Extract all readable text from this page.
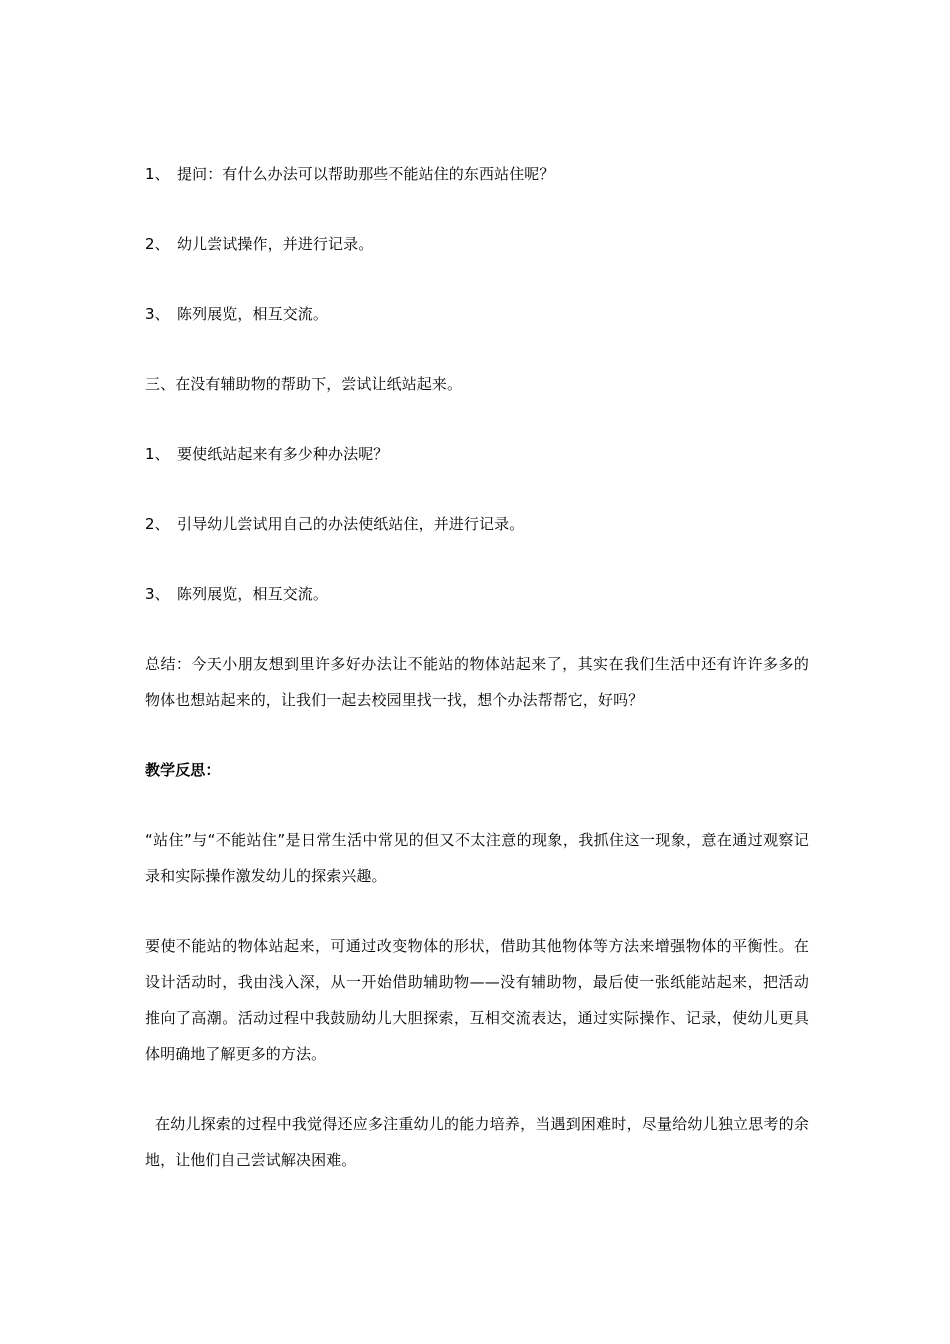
1、 提问：有什么办法可以帮助那些不能站住的东西站住呢？

2、 幼儿尝试操作，并进行记录。

3、 陈列展览，相互交流。

三、在没有辅助物的帮助下，尝试让纸站起来。

1、 要使纸站起来有多少种办法呢？

2、 引导幼儿尝试用自己的办法使纸站住，并进行记录。

3、 陈列展览，相互交流。

总结：今天小朋友想到里许多好办法让不能站的物体站起来了，其实在我们生活中还有许许多多的物体也想站起来的，让我们一起去校园里找一找，想个办法帮帮它，好吗？

教学反思：

“站住”与“不能站住”是日常生活中常见的但又不太注意的现象，我抓住这一现象，意在通过观察记录和实际操作激发幼儿的探索兴趣。

要使不能站的物体站起来，可通过改变物体的形状，借助其他物体等方法来增强物体的平衡性。在设计活动时，我由浅入深，从一开始借助辅助物——没有辅助物，最后使一张纸能站起来，把活动推向了高潮。活动过程中我鼓励幼儿大胆探索，互相交流表达，通过实际操作、记录，使幼儿更具体明确地了解更多的方法。

在幼儿探索的过程中我觉得还应多注重幼儿的能力培养，当遇到困难时，尽量给幼儿独立思考的余地，让他们自己尝试解决困难。
